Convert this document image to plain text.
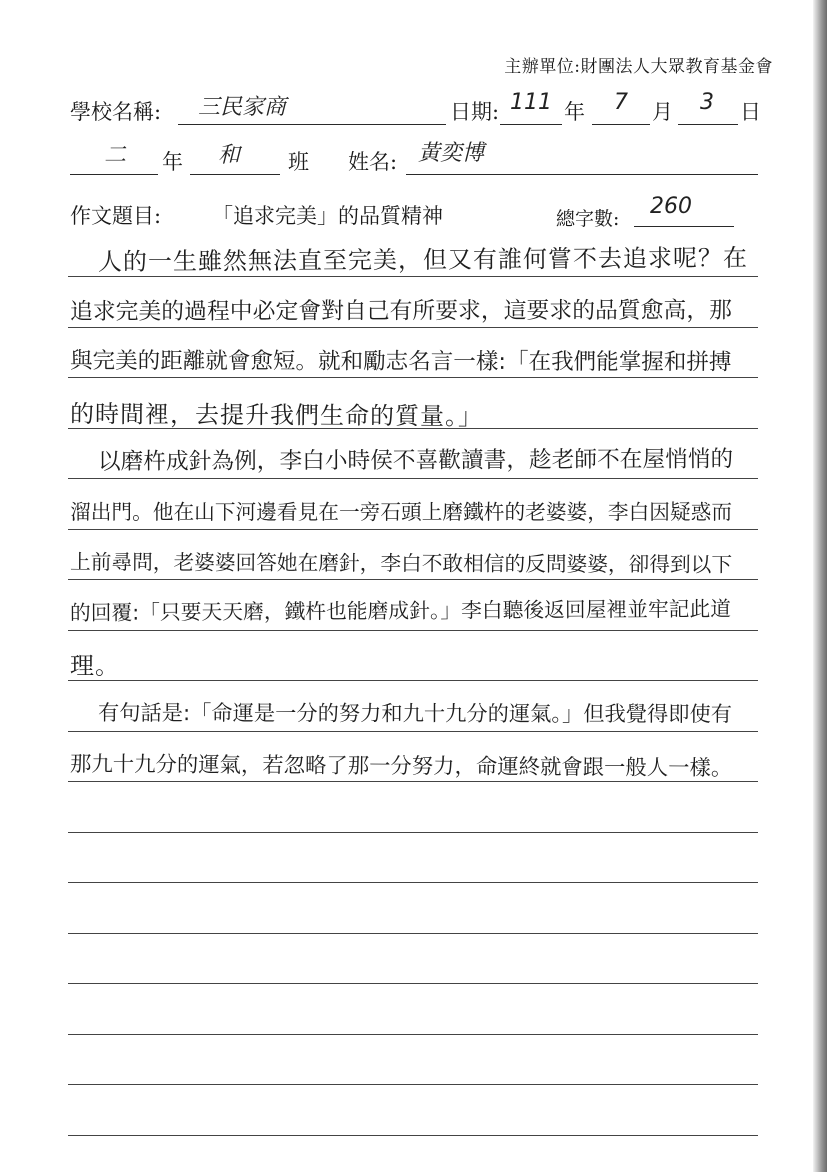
主辦單位:財團法人大眾教育基金會
學校名稱: 三民家商	日期: 111 年 7 月 3 日
二 年 和 班 姓名: 黃奕博
作文題目: 「追求完美」的品質精神	總字數: 260
人的一生雖然無法直至完美，但又有誰何嘗不去追求呢？在
追求完美的過程中必定會對自己有所要求，這要求的品質愈高，那
與完美的距離就會愈短。就和勵志名言一樣:「在我們能掌握和拼搏
的時間裡，去提升我們生命的質量。」
以磨杵成針為例，李白小時侯不喜歡讀書，趁老師不在屋悄悄的
溜出門。他在山下河邊看見在一旁石頭上磨鐵杵的老婆婆，李白因疑惑而
上前尋問，老婆婆回答她在磨針，李白不敢相信的反問婆婆，卻得到以下
的回覆:「只要天天磨，鐵杵也能磨成針。」李白聽後返回屋裡並牢記此道
理。
有句話是:「命運是一分的努力和九十九分的運氣。」但我覺得即使有
那九十九分的運氣，若忽略了那一分努力，命運終就會跟一般人一樣。
